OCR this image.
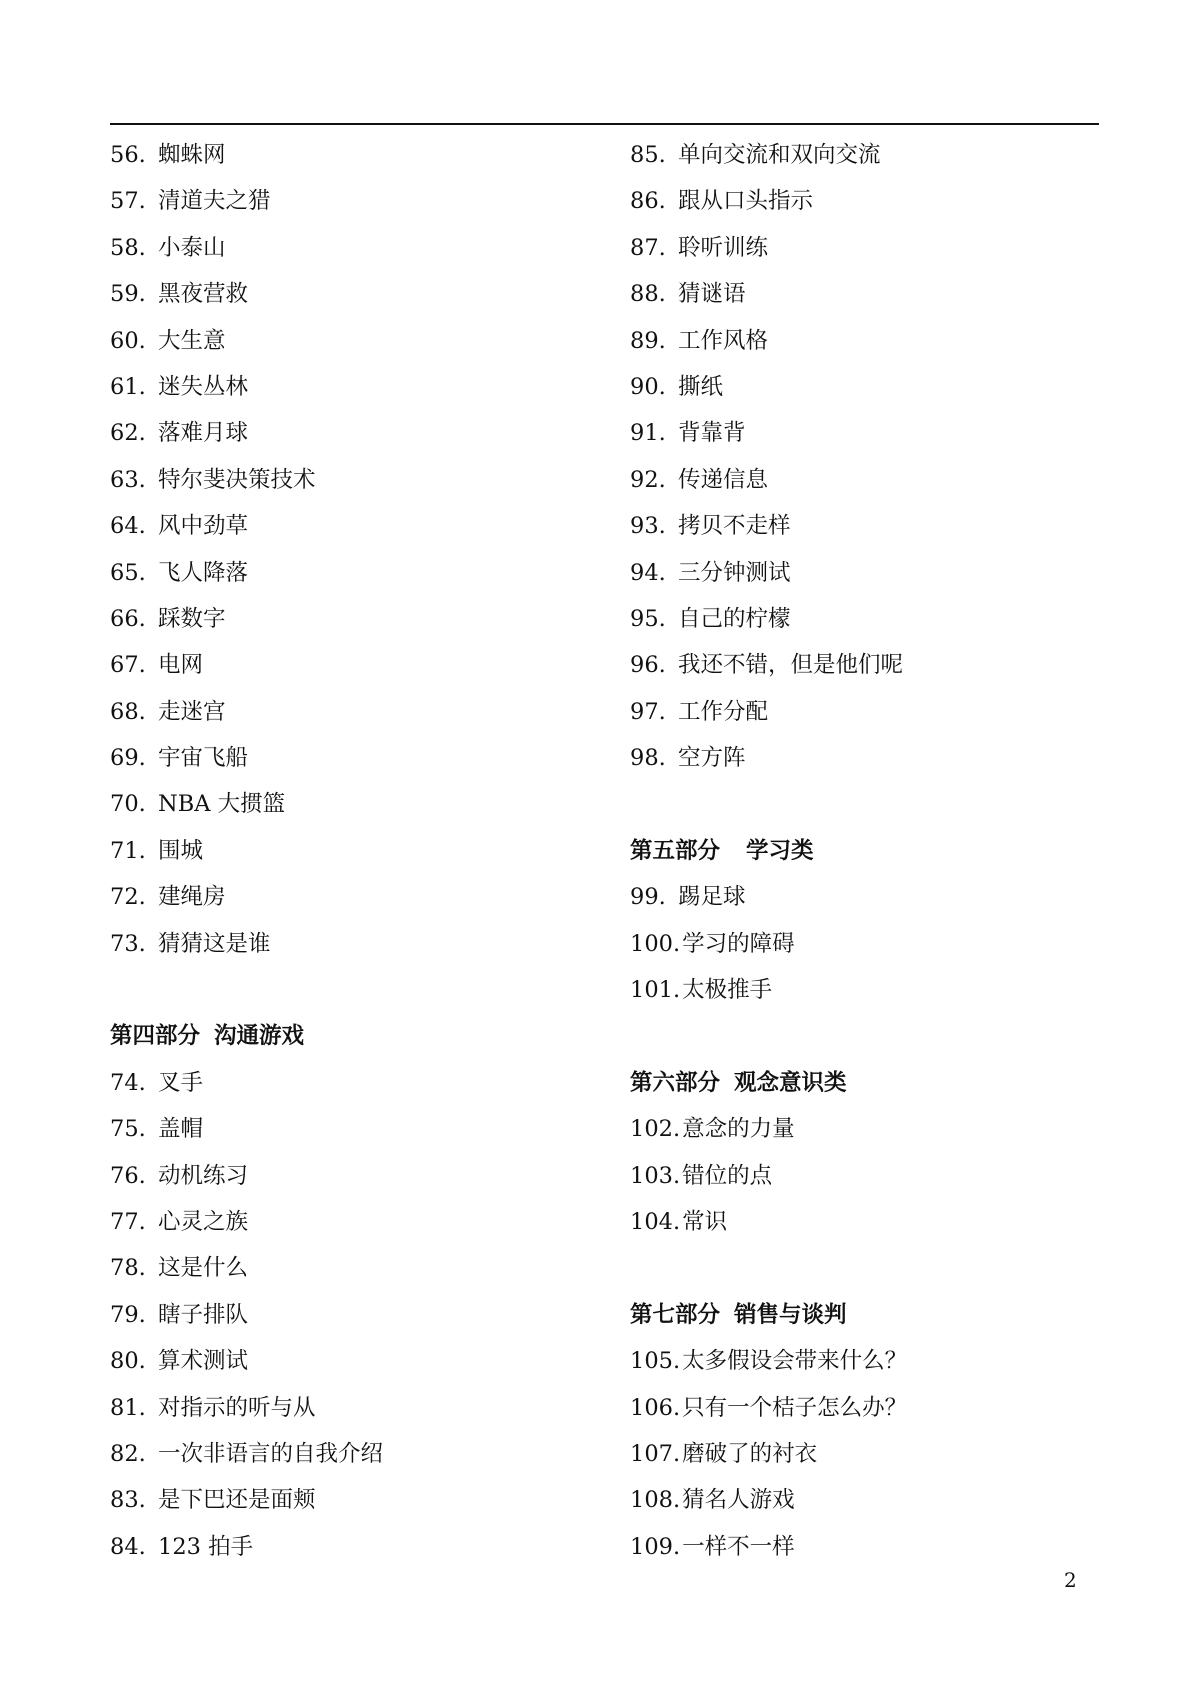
56. 蜘蛛网
57. 清道夫之猎
58. 小泰山
59. 黑夜营救
60. 大生意
61. 迷失丛林
62. 落难月球
63. 特尔斐决策技术
64. 风中劲草
65. 飞人降落
66. 踩数字
67. 电网
68. 走迷宫
69. 宇宙飞船
70. NBA 大掼篮
71. 围城
72. 建绳房
73. 猜猜这是谁
第四部分 沟通游戏
74. 叉手
75. 盖帽
76. 动机练习
77. 心灵之族
78. 这是什么
79. 瞎子排队
80. 算术测试
81. 对指示的听与从
82. 一次非语言的自我介绍
83. 是下巴还是面颊
84. 123 拍手
85. 单向交流和双向交流
86. 跟从口头指示
87. 聆听训练
88. 猜谜语
89. 工作风格
90. 撕纸
91. 背靠背
92. 传递信息
93. 拷贝不走样
94. 三分钟测试
95. 自己的柠檬
96. 我还不错，但是他们呢
97. 工作分配
98. 空方阵
第五部分 学习类
99. 踢足球
100. 学习的障碍
101. 太极推手
第六部分 观念意识类
102. 意念的力量
103. 错位的点
104. 常识
第七部分 销售与谈判
105. 太多假设会带来什么？
106. 只有一个桔子怎么办？
107. 磨破了的衬衣
108. 猜名人游戏
109. 一样不一样
2
